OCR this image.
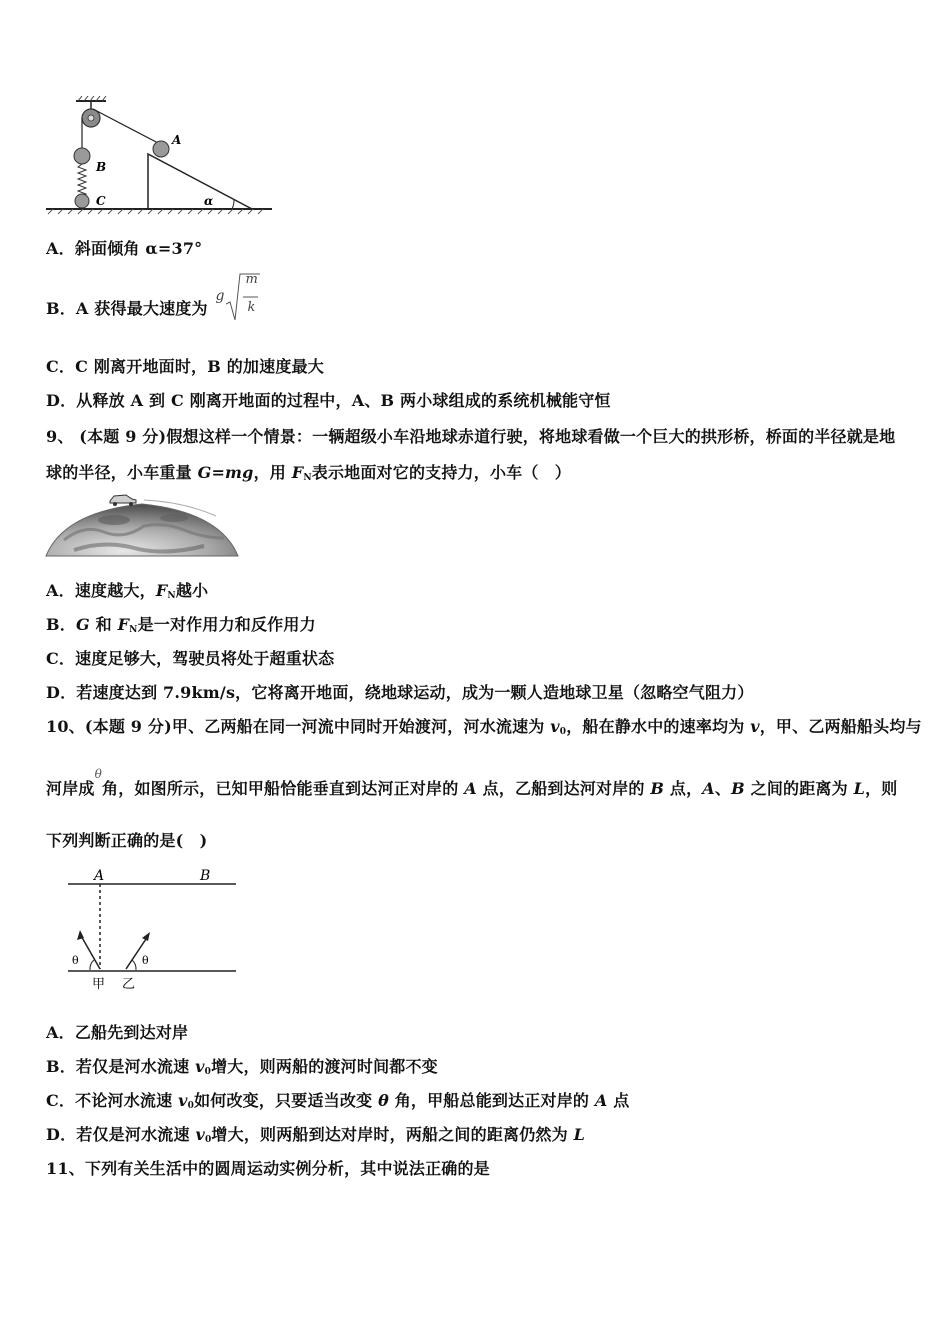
A
B
C	α
A．斜面倾角 α=37°
B．A 获得最大速度为
g
m
k
C．C 刚离开地面时，B 的加速度最大
D．从释放 A 到 C 刚离开地面的过程中，A、B 两小球组成的系统机械能守恒
9、 (本题 9 分)假想这样一个情景：一辆超级小车沿地球赤道行驶，将地球看做一个巨大的拱形桥，桥面的半径就是地
球的半径，小车重量 G=mg，用 $F_N$表示地面对它的支持力，小车（　）
A．速度越大，$F_N$越小
B．G 和 $F_N$是一对作用力和反作用力
C．速度足够大，驾驶员将处于超重状态
D．若速度达到 7.9km/s，它将离开地面，绕地球运动，成为一颗人造地球卫星（忽略空气阻力）
10、(本题 9 分)甲、乙两船在同一河流中同时开始渡河，河水流速为 $v_0$，船在静水中的速率均为 v，甲、乙两船船头均与
河岸成$^\theta$角，如图所示，已知甲船恰能垂直到达河正对岸的 A 点，乙船到达河对岸的 B 点，A、B 之间的距离为 L，则
下列判断正确的是(　)
A	B
θ	θ
甲 乙
A．乙船先到达对岸
B．若仅是河水流速 $v_0$增大，则两船的渡河时间都不变
C．不论河水流速 $v_0$如何改变，只要适当改变 θ 角，甲船总能到达正对岸的 A 点
D．若仅是河水流速 $v_0$增大，则两船到达对岸时，两船之间的距离仍然为 L
11、下列有关生活中的圆周运动实例分析，其中说法正确的是
